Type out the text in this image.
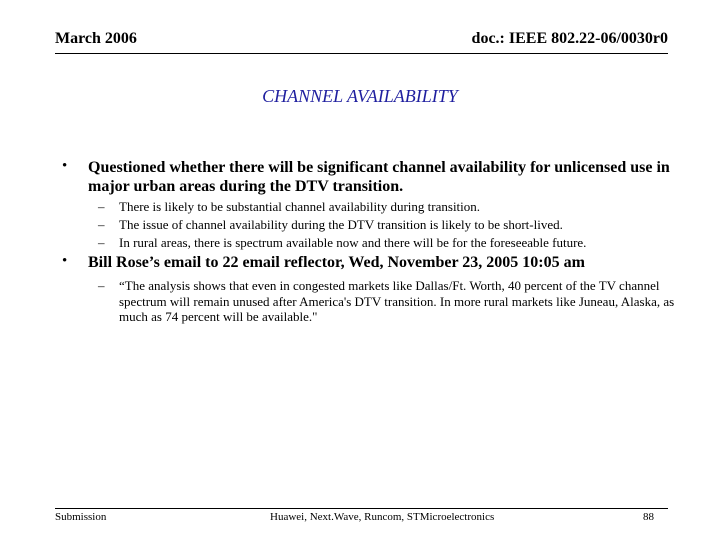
March 2006	doc.: IEEE 802.22-06/0030r0
CHANNEL AVAILABILITY
• Questioned whether there will be significant channel availability for unlicensed use in major urban areas during the DTV transition.
– There is likely to be substantial channel availability during transition.
– The issue of channel availability during the DTV transition is likely to be short-lived.
– In rural areas, there is spectrum available now and there will be for the foreseeable future.
• Bill Rose’s email to 22 email reflector, Wed, November 23, 2005 10:05 am
– “The analysis shows that even in congested markets like Dallas/Ft. Worth, 40 percent of the TV channel spectrum will remain unused after America's DTV transition. In more rural markets like Juneau, Alaska, as much as 74 percent will be available."
Submission	Huawei, Next.Wave, Runcom, STMicroelectronics	88
